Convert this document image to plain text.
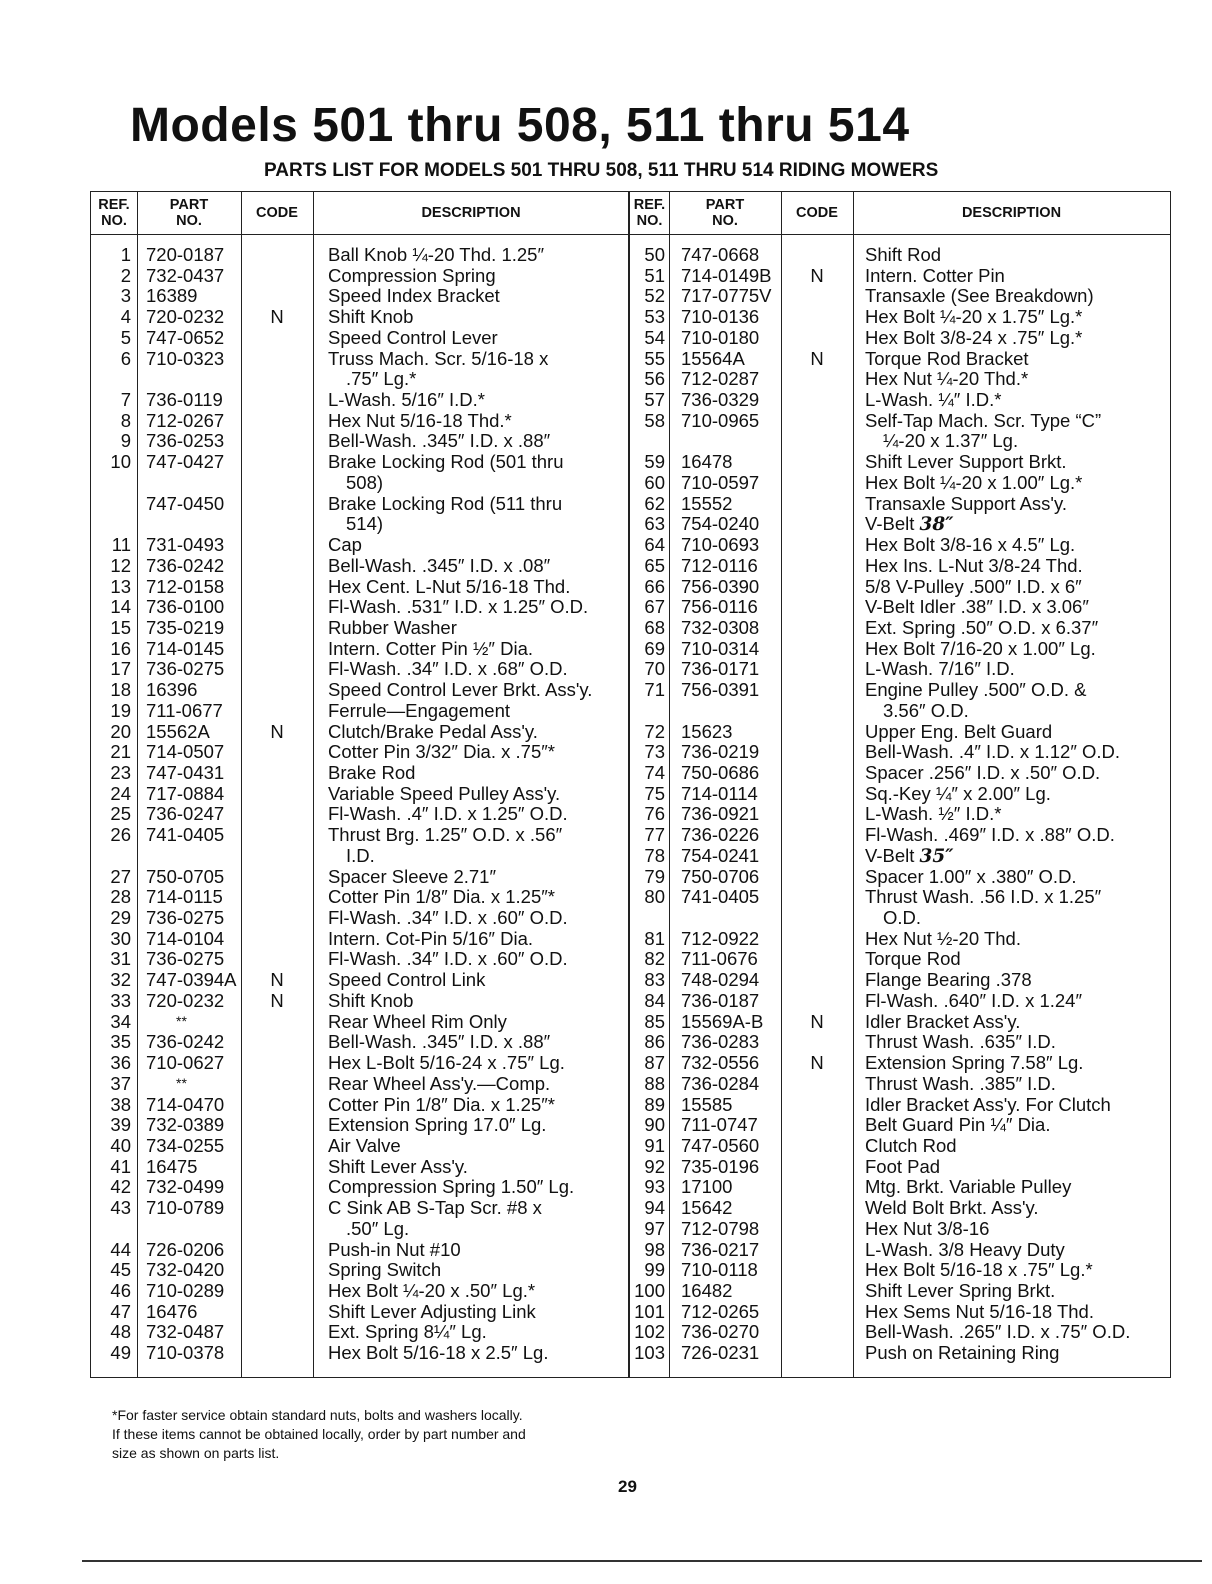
Models 501 thru 508, 511 thru 514
PARTS LIST FOR MODELS 501 THRU 508, 511 THRU 514 RIDING MOWERS
REF.
NO.
PART
NO.	CODE	DESCRIPTION	REF.
NO.
PART
NO.	CODE	DESCRIPTION
1 720-0187	Ball Knob ¼-20 Thd. 1.25″
2 732-0437	Compression Spring
3 16389	Speed Index Bracket
4 720-0232	N	Shift Knob
5 747-0652	Speed Control Lever
6 710-0323	Truss Mach. Scr. 5/16-18 x
.75″ Lg.*
7 736-0119	L-Wash. 5/16″ I.D.*
8 712-0267	Hex Nut 5/16-18 Thd.*
9 736-0253	Bell-Wash. .345″ I.D. x .88″
10 747-0427	Brake Locking Rod (501 thru
508)
747-0450	Brake Locking Rod (511 thru
514)
11 731-0493	Cap
12 736-0242	Bell-Wash. .345″ I.D. x .08″
13 712-0158	Hex Cent. L-Nut 5/16-18 Thd.
14 736-0100	Fl-Wash. .531″ I.D. x 1.25″ O.D.
15 735-0219	Rubber Washer
16 714-0145	Intern. Cotter Pin ½″ Dia.
17 736-0275	Fl-Wash. .34″ I.D. x .68″ O.D.
18 16396	Speed Control Lever Brkt. Ass'y.
19 711-0677	Ferrule—Engagement
20 15562A	N	Clutch/Brake Pedal Ass'y.
21 714-0507	Cotter Pin 3/32″ Dia. x .75″*
23 747-0431	Brake Rod
24 717-0884	Variable Speed Pulley Ass'y.
25 736-0247	Fl-Wash. .4″ I.D. x 1.25″ O.D.
26 741-0405	Thrust Brg. 1.25″ O.D. x .56″
I.D.
27 750-0705	Spacer Sleeve 2.71″
28 714-0115	Cotter Pin 1/8″ Dia. x 1.25″*
29 736-0275	Fl-Wash. .34″ I.D. x .60″ O.D.
30 714-0104	Intern. Cot-Pin 5/16″ Dia.
31 736-0275	Fl-Wash. .34″ I.D. x .60″ O.D.
32 747-0394A	N	Speed Control Link
33 720-0232	N	Shift Knob
34	**	Rear Wheel Rim Only
35 736-0242	Bell-Wash. .345″ I.D. x .88″
36 710-0627	Hex L-Bolt 5/16-24 x .75″ Lg.
37	**	Rear Wheel Ass'y.—Comp.
38 714-0470	Cotter Pin 1/8″ Dia. x 1.25″*
39 732-0389	Extension Spring 17.0″ Lg.
40 734-0255	Air Valve
41 16475	Shift Lever Ass'y.
42 732-0499	Compression Spring 1.50″ Lg.
43 710-0789	C Sink AB S-Tap Scr. #8 x
.50″ Lg.
44 726-0206	Push-in Nut #10
45 732-0420	Spring Switch
46 710-0289	Hex Bolt ¼-20 x .50″ Lg.*
47 16476	Shift Lever Adjusting Link
48 732-0487	Ext. Spring 8¼″ Lg.
49 710-0378	Hex Bolt 5/16-18 x 2.5″ Lg.
50 747-0668	Shift Rod
51 714-0149B	N	Intern. Cotter Pin
52 717-0775V	Transaxle (See Breakdown)
53 710-0136	Hex Bolt ¼-20 x 1.75″ Lg.*
54 710-0180	Hex Bolt 3/8-24 x .75″ Lg.*
55 15564A	N	Torque Rod Bracket
56 712-0287	Hex Nut ¼-20 Thd.*
57 736-0329	L-Wash. ¼″ I.D.*
58 710-0965	Self-Tap Mach. Scr. Type “C”
¼-20 x 1.37″ Lg.
59 16478	Shift Lever Support Brkt.
60 710-0597	Hex Bolt ¼-20 x 1.00″ Lg.*
62 15552	Transaxle Support Ass'y.
63 754-0240	V-Belt 38″
64 710-0693	Hex Bolt 3/8-16 x 4.5″ Lg.
65 712-0116	Hex Ins. L-Nut 3/8-24 Thd.
66 756-0390	5/8 V-Pulley .500″ I.D. x 6″
67 756-0116	V-Belt Idler .38″ I.D. x 3.06″
68 732-0308	Ext. Spring .50″ O.D. x 6.37″
69 710-0314	Hex Bolt 7/16-20 x 1.00″ Lg.
70 736-0171	L-Wash. 7/16″ I.D.
71 756-0391	Engine Pulley .500″ O.D. &
3.56″ O.D.
72 15623	Upper Eng. Belt Guard
73 736-0219	Bell-Wash. .4″ I.D. x 1.12″ O.D.
74 750-0686	Spacer .256″ I.D. x .50″ O.D.
75 714-0114	Sq.-Key ¼″ x 2.00″ Lg.
76 736-0921	L-Wash. ½″ I.D.*
77 736-0226	Fl-Wash. .469″ I.D. x .88″ O.D.
78 754-0241	V-Belt 35″
79 750-0706	Spacer 1.00″ x .380″ O.D.
80 741-0405	Thrust Wash. .56 I.D. x 1.25″
O.D.
81 712-0922	Hex Nut ½-20 Thd.
82 711-0676	Torque Rod
83 748-0294	Flange Bearing .378
84 736-0187	Fl-Wash. .640″ I.D. x 1.24″
85 15569A-B	N	Idler Bracket Ass'y.
86 736-0283	Thrust Wash. .635″ I.D.
87 732-0556	N	Extension Spring 7.58″ Lg.
88 736-0284	Thrust Wash. .385″ I.D.
89 15585	Idler Bracket Ass'y. For Clutch
90 711-0747	Belt Guard Pin ¼″ Dia.
91 747-0560	Clutch Rod
92 735-0196	Foot Pad
93 17100	Mtg. Brkt. Variable Pulley
94 15642	Weld Bolt Brkt. Ass'y.
97 712-0798	Hex Nut 3/8-16
98 736-0217	L-Wash. 3/8 Heavy Duty
99 710-0118	Hex Bolt 5/16-18 x .75″ Lg.*
100 16482	Shift Lever Spring Brkt.
101 712-0265	Hex Sems Nut 5/16-18 Thd.
102 736-0270	Bell-Wash. .265″ I.D. x .75″ O.D.
103 726-0231	Push on Retaining Ring
*For faster service obtain standard nuts, bolts and washers locally.
If these items cannot be obtained locally, order by part number and
size as shown on parts list.
29
